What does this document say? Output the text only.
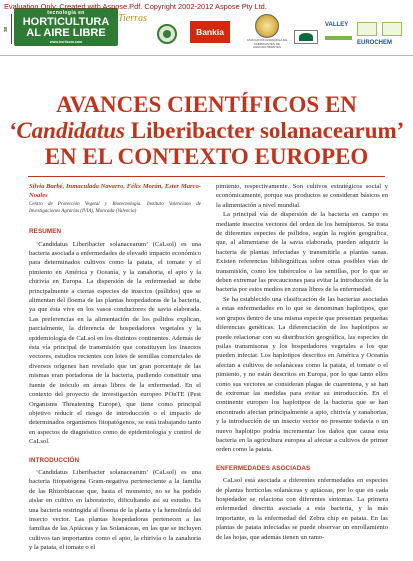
Evaluation Only. Created with Aspose.Pdf. Copyright 2002-2012 Aspose Pty Ltd.
38
tecnología en
HORTICULTURA
AL AIRE LIBRE
www.horticom.com
Tierras
Bankia
ASOCIACIÓN ESPAÑOLA DE FABRICANTES DE AGRONUTRIENTES
VALLEY
EUROCHEM
AVANCES CIENTÍFICOS EN
‘Candidatus Liberibacter solanacearum’
EN EL CONTEXTO EUROPEO
Silvia Barbé, Inmaculada Navarro, Félix Morán, Ester Marco-Noales
Centro de Protección Vegetal y Biotecnología. Instituto Valenciano de Investigaciones Agrarias (IVIA), Moncada (Valencia)
RESUMEN

‘Candidatus Liberibacter solanacearum’ (CaLsol) es una bacteria asociada a enfermedades de elevado impacto económico para determinados cultivos como la patata, el tomate y el pimiento en América y Oceanía, y la zanahoria, el apio y la chirivía en Europa. La dispersión de la enfermedad se debe principalmente a ciertas especies de insectos (psílidos) que se alimentan del floema de las plantas hospedadoras de la bacteria, ya que ésta vive en los vasos conductores de savia elaborada. Las preferencias en la alimentación de los psílidos explican, parcialmente, la diferencia de hospedadores vegetales y la epidemiología de CaLsol en los distintos continentes. Además de ésta vía principal de transmisión que constituyen los insectos vectores, estudios recientes con lotes de semillas comerciales de diversos orígenes han revelado que un gran porcentaje de las mismas eran portadoras de la bacteria, pudiendo constituir una fuente de inóculo en áreas libres de la enfermedad. En el contexto del proyecto de investigación europeo POnTE (Pest Organisms Threatening Europe), que tiene como principal objetivo reducir el riesgo de introducción o el impacto de determinados organismos fitopatógenos, se está trabajando tanto en aspectos de diagnóstico como de epidemiología y control de CaLsol.

INTRODUCCIÓN

‘Candidatus Liberibacter solanacearum’ (CaLsol) es una bacteria fitopatógena Gram-negativa perteneciente a la familia de las Rhizobiaceae que, hasta el momento, no se ha podido aislar en cultivo en laboratorio, dificultando así su estudio. Es una bacteria restringida al floema de la planta y la hemolinfa del insecto vector. Las plantas hospedadoras pertenecen a las familias de las Apiáceas y las Solanáceas, en las que se incluyen cultivos tan importantes como el apio, la chirivía o la zanahoria y la patata, el tomate o el

pimiento, respectivamente. Son cultivos estratégicos social y económicamente, porque sus productos se consideran básicos en la alimentación a nivel mundial.

La principal vía de dispersión de la bacteria en campo es mediante insectos vectores del orden de los hemípteros. Se trata de diferentes especies de psílidos, según la región geográfica, que, al alimentarse de la savia elaborada, pueden adquirir la bacteria de plantas infectadas y transmitirla a plantas sanas. Existen referencias bibliográficas sobre otras posibles vías de transmisión, como los tubérculos o las semillas, por lo que se deben extremar las precauciones para evitar la introducción de la bacteria por estos medios en zonas libres de la enfermedad.

Se ha establecido una clasificación de las bacterias asociadas a estas enfermedades en lo que se denominan haplotipos, que son grupos dentro de una misma especie que presentan pequeñas diferencias genéticas. La diferenciación de los haplotipos se puede relacionar con su distribución geográfica, las especies de psilas transmisoras y los hospedadores vegetales a los que pueden infectar. Los haplotipos descritos en América y Oceanía afectan a cultivos de solanáceas como la patata, el tomate o el pimiento, y no están descritos en Europa, por lo que tanto ellos como sus vectores se consideran plagas de cuarentena, y se han de extremar las medidas para evitar su introducción. En el continente europeo los haplotipos de la bacteria que se han encontrado afectan principalmente a apio, chirivía y zanahorias, y la introducción de un insecto vector no presente todavía o un nuevo haplotipo podría incrementar los daños que causa esta bacteria en la agricultura europea al afectar a cultivos de primer orden como la patata.

ENFERMEDADES ASOCIADAS

CaLsol está asociada a diferentes enfermedades en especies de plantas hortícolas solanáceas y apiáceas, por lo que en cada hospedador se relaciona con diferentes síntomas. La primera enfermedad descrita asociada a esta bacteria, y la más importante, es la enfermedad del Zebra chip en patata. En las plantas de patata infectadas se puede observar un enrollamiento de las hojas, que además tienen un ramo-
